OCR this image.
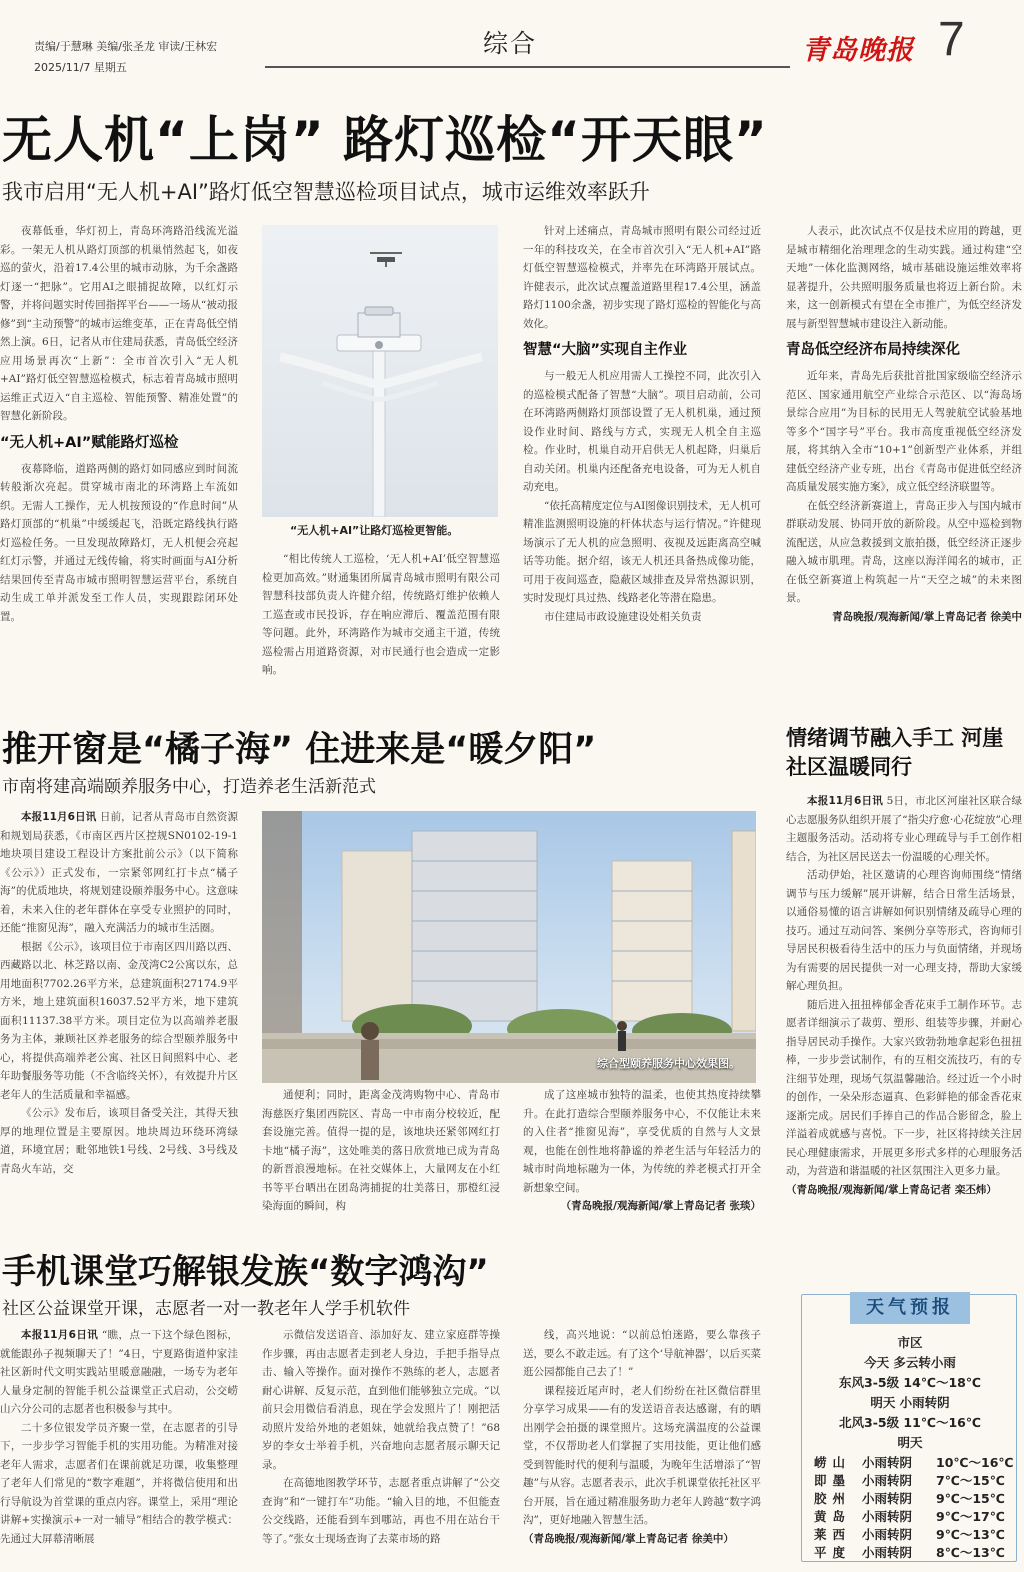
责编/于慧琳 美编/张圣龙 审读/王林宏
2025/11/7 星期五
综合	青岛晚报 7
无人机“上岗” 路灯巡检“开天眼”
我市启用“无人机+AI”路灯低空智慧巡检项目试点，城市运维效率跃升

夜幕低垂，华灯初上，青岛环湾路沿线流光溢彩。一架无人机从路灯顶部的机巢悄然起飞，如夜巡的萤火，沿着17.4公里的城市动脉，为千余盏路灯逐一“把脉”。它用AI之眼捕捉故障，以红灯示警，并将问题实时传回指挥平台——一场从“被动报修”到“主动预警”的城市运维变革，正在青岛低空悄然上演。6日，记者从市住建局获悉，青岛低空经济应用场景再次“上新”：全市首次引入“无人机+AI”路灯低空智慧巡检模式，标志着青岛城市照明运维正式迈入“自主巡检、智能预警、精准处置”的智慧化新阶段。

“无人机+AI”赋能路灯巡检

夜幕降临，道路两侧的路灯如同感应到时间流转般渐次亮起。贯穿城市南北的环湾路上车流如织。无需人工操作，无人机按预设的“作息时间”从路灯顶部的“机巢”中缓缓起飞，沿既定路线执行路灯巡检任务。一旦发现故障路灯，无人机便会亮起红灯示警，并通过无线传输，将实时画面与AI分析结果回传至青岛市城市照明智慧运营平台，系统自动生成工单并派发至工作人员，实现跟踪闭环处置。

“无人机+AI”让路灯巡检更智能。

“相比传统人工巡检，‘无人机+AI’低空智慧巡检更加高效。”财通集团所属青岛城市照明有限公司智慧科技部负责人许健介绍，传统路灯维护依赖人工巡查或市民投诉，存在响应滞后、覆盖范围有限等问题。此外，环湾路作为城市交通主干道，传统巡检需占用道路资源，对市民通行也会造成一定影响。

针对上述痛点，青岛城市照明有限公司经过近一年的科技攻关，在全市首次引入“无人机+AI”路灯低空智慧巡检模式，并率先在环湾路开展试点。许健表示，此次试点覆盖道路里程17.4公里，涵盖路灯1100余盏，初步实现了路灯巡检的智能化与高效化。

智慧“大脑”实现自主作业

与一般无人机应用需人工操控不同，此次引入的巡检模式配备了智慧“大脑”。项目启动前，公司在环湾路两侧路灯顶部设置了无人机机巢，通过预设作业时间、路线与方式，实现无人机全自主巡检。作业时，机巢自动开启供无人机起降，归巢后自动关闭。机巢内还配备充电设备，可为无人机自动充电。

“依托高精度定位与AI图像识别技术，无人机可精准监测照明设施的杆体状态与运行情况。”许健现场演示了无人机的应急照明、夜视及远距离高空喊话等功能。据介绍，该无人机还具备热成像功能，可用于夜间巡查，隐蔽区域排查及异常热源识别，实时发现灯具过热、线路老化等潜在隐患。

市住建局市政设施建设处相关负责

人表示，此次试点不仅是技术应用的跨越，更是城市精细化治理理念的生动实践。通过构建“空天地”一体化监测网络，城市基础设施运维效率将显著提升，公共照明服务质量也将迈上新台阶。未来，这一创新模式有望在全市推广，为低空经济发展与新型智慧城市建设注入新动能。

青岛低空经济布局持续深化

近年来，青岛先后获批首批国家级临空经济示范区、国家通用航空产业综合示范区、以“海岛场景综合应用”为目标的民用无人驾驶航空试验基地等多个“国字号”平台。我市高度重视低空经济发展，将其纳入全市“10+1”创新型产业体系，并组建低空经济产业专班，出台《青岛市促进低空经济高质量发展实施方案》，成立低空经济联盟等。

在低空经济新赛道上，青岛正步入与国内城市群联动发展、协同开放的新阶段。从空中巡检到物流配送，从应急救援到文旅拍摄，低空经济正逐步融入城市肌理。青岛，这座以海洋闻名的城市，正在低空新赛道上构筑起一片“天空之城”的未来图景。

青岛晚报/观海新闻/掌上青岛记者 徐美中

推开窗是“橘子海” 住进来是“暖夕阳”
市南将建高端颐养服务中心，打造养老生活新范式

本报11月6日讯 日前，记者从青岛市自然资源和规划局获悉，《市南区西片区控规SN0102-19-1地块项目建设工程设计方案批前公示》（以下简称《公示》）正式发布，一宗紧邻网红打卡点“橘子海”的优质地块，将规划建设颐养服务中心。这意味着，未来入住的老年群体在享受专业照护的同时，还能“推窗见海”，融入充满活力的城市生活圈。

根据《公示》，该项目位于市南区四川路以西、西藏路以北、林芝路以南、金茂湾C2公寓以东，总用地面积7702.26平方米，总建筑面积27174.9平方米，地上建筑面积16037.52平方米，地下建筑面积11137.38平方米。项目定位为以高端养老服务为主体，兼顾社区养老服务的综合型颐养服务中心，将提供高端养老公寓、社区日间照料中心、老年助餐服务等功能（不含临终关怀），有效提升片区老年人的生活质量和幸福感。

《公示》发布后，该项目备受关注，其得天独厚的地理位置是主要原因。地块周边环绕环湾绿道，环境宜居；毗邻地铁1号线、2号线、3号线及青岛火车站，交

综合型颐养服务中心效果图。

通便利；同时，距离金茂湾购物中心、青岛市海慈医疗集团西院区、青岛一中市南分校较近，配套设施完善。值得一提的是，该地块还紧邻网红打卡地“橘子海”，这处唯美的落日欣赏地已成为青岛的新晋浪漫地标。在社交媒体上，大量网友在小红书等平台晒出在团岛湾捕捉的壮美落日，那橙红浸染海面的瞬间，构

成了这座城市独特的温柔，也使其热度持续攀升。在此打造综合型颐养服务中心，不仅能让未来的入住者“推窗见海”，享受优质的自然与人文景观，也能在创性地将静谧的养老生活与年轻活力的城市时尚地标融为一体，为传统的养老模式打开全新想象空间。

（青岛晚报/观海新闻/掌上青岛记者 张琰）

情绪调节融入手工 河崖社区温暖同行

本报11月6日讯 5日，市北区河崖社区联合绿心志愿服务队组织开展了“指尖疗愈·心花绽放”心理主题服务活动。活动将专业心理疏导与手工创作相结合，为社区居民送去一份温暖的心理关怀。

活动伊始，社区邀请的心理咨询师围绕“情绪调节与压力缓解”展开讲解，结合日常生活场景，以通俗易懂的语言讲解如何识别情绪及疏导心理的技巧。通过互动问答、案例分享等形式，咨询师引导居民积极看待生活中的压力与负面情绪，并现场为有需要的居民提供一对一心理支持，帮助大家缓解心理负担。

随后进入扭扭棒郁金香花束手工制作环节。志愿者详细演示了裁剪、塑形、组装等步骤，并耐心指导居民动手操作。大家兴致勃勃地拿起彩色扭扭棒，一步步尝试制作，有的互相交流技巧，有的专注细节处理，现场气氛温馨融洽。经过近一个小时的创作，一朵朵形态逼真、色彩鲜艳的郁金香花束逐渐完成。居民们手捧自己的作品合影留念，脸上洋溢着成就感与喜悦。下一步，社区将持续关注居民心理健康需求，开展更多形式多样的心理服务活动，为营造和谐温暖的社区氛围注入更多力量。

（青岛晚报/观海新闻/掌上青岛记者 栾丕炜）

手机课堂巧解银发族“数字鸿沟”
社区公益课堂开课，志愿者一对一教老年人学手机软件

本报11月6日讯 “瞧，点一下这个绿色图标，就能跟孙子视频聊天了！”4日，宁夏路街道仲家洼社区新时代文明实践站里暖意融融，一场专为老年人量身定制的智能手机公益课堂正式启动，公交崂山六分公司的志愿者也积极参与其中。

二十多位银发学员齐聚一堂，在志愿者的引导下，一步步学习智能手机的实用功能。为精准对接老年人需求，志愿者们在课前就足功课，收集整理了老年人们常见的“数字难题”，并将微信使用和出行导航设为首堂课的重点内容。课堂上，采用“理论讲解+实操演示+一对一辅导”相结合的教学模式：先通过大屏幕清晰展

示微信发送语音、添加好友、建立家庭群等操作步骤，再由志愿者走到老人身边，手把手指导点击、输入等操作。面对操作不熟练的老人，志愿者耐心讲解、反复示范，直到他们能够独立完成。“以前只会用微信看消息，现在学会发照片了！刚把活动照片发给外地的老姐妹，她就给我点赞了！”68岁的李女士举着手机，兴奋地向志愿者展示聊天记录。

在高德地图教学环节，志愿者重点讲解了“公交查询”和“一键打车”功能。“输入目的地，不但能查公交线路，还能看到车到哪站，再也不用在站台干等了。”张女士现场查询了去菜市场的路

线，高兴地说：“以前总怕迷路，要么靠孩子送，要么不敢走远。有了这个‘导航神器’，以后买菜逛公园都能自己去了！”

课程接近尾声时，老人们纷纷在社区微信群里分享学习成果——有的发送语音表达感谢，有的晒出刚学会拍摄的课堂照片。这场充满温度的公益课堂，不仅帮助老人们掌握了实用技能，更让他们感受到智能时代的便利与温暖，为晚年生活增添了“智趣”与从容。志愿者表示，此次手机课堂依托社区平台开展，旨在通过精准服务助力老年人跨越“数字鸿沟”，更好地融入智慧生活。

（青岛晚报/观海新闻/掌上青岛记者 徐美中）

天气预报
市区
今天 多云转小雨
东风3-5级 14℃～18℃
明天 小雨转阴
北风3-5级 11℃～16℃
明天
崂山 小雨转阴 10℃～16℃
即墨 小雨转阴 7℃～15℃
胶州 小雨转阴 9℃～15℃
黄岛 小雨转阴 9℃～17℃
莱西 小雨转阴 9℃～13℃
平度 小雨转阴 8℃～13℃
